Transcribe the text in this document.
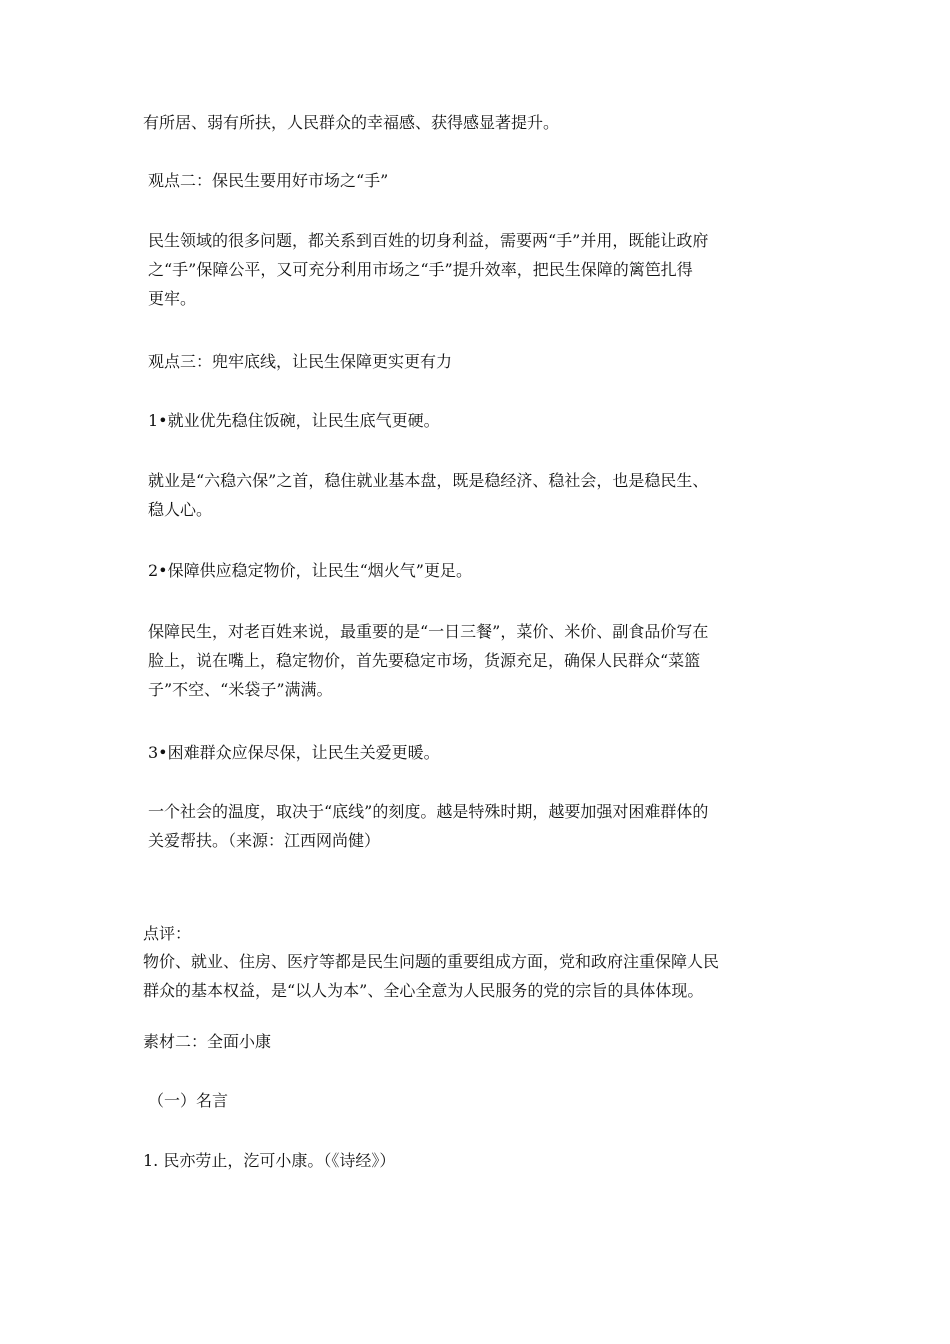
有所居、弱有所扶，人民群众的幸福感、获得感显著提升。

观点二：保民生要用好市场之“手”

民生领域的很多问题，都关系到百姓的切身利益，需要两“手”并用，既能让政府
之“手”保障公平，又可充分利用市场之“手”提升效率，把民生保障的篱笆扎得
更牢。

观点三：兜牢底线，让民生保障更实更有力

1•就业优先稳住饭碗，让民生底气更硬。

就业是“六稳六保”之首，稳住就业基本盘，既是稳经济、稳社会，也是稳民生、
稳人心。

2•保障供应稳定物价，让民生“烟火气”更足。

保障民生，对老百姓来说，最重要的是“一日三餐”，菜价、米价、副食品价写在
脸上，说在嘴上，稳定物价，首先要稳定市场，货源充足，确保人民群众“菜篮
子”不空、“米袋子”满满。

3•困难群众应保尽保，让民生关爱更暖。

一个社会的温度，取决于“底线”的刻度。越是特殊时期，越要加强对困难群体的
关爱帮扶。（来源：江西网尚健）

点评：

物价、就业、住房、医疗等都是民生问题的重要组成方面，党和政府注重保障人民
群众的基本权益，是“以人为本”、全心全意为人民服务的党的宗旨的具体体现。

素材二：全面小康

（一）名言

1. 民亦劳止，汔可小康。（《诗经》）
